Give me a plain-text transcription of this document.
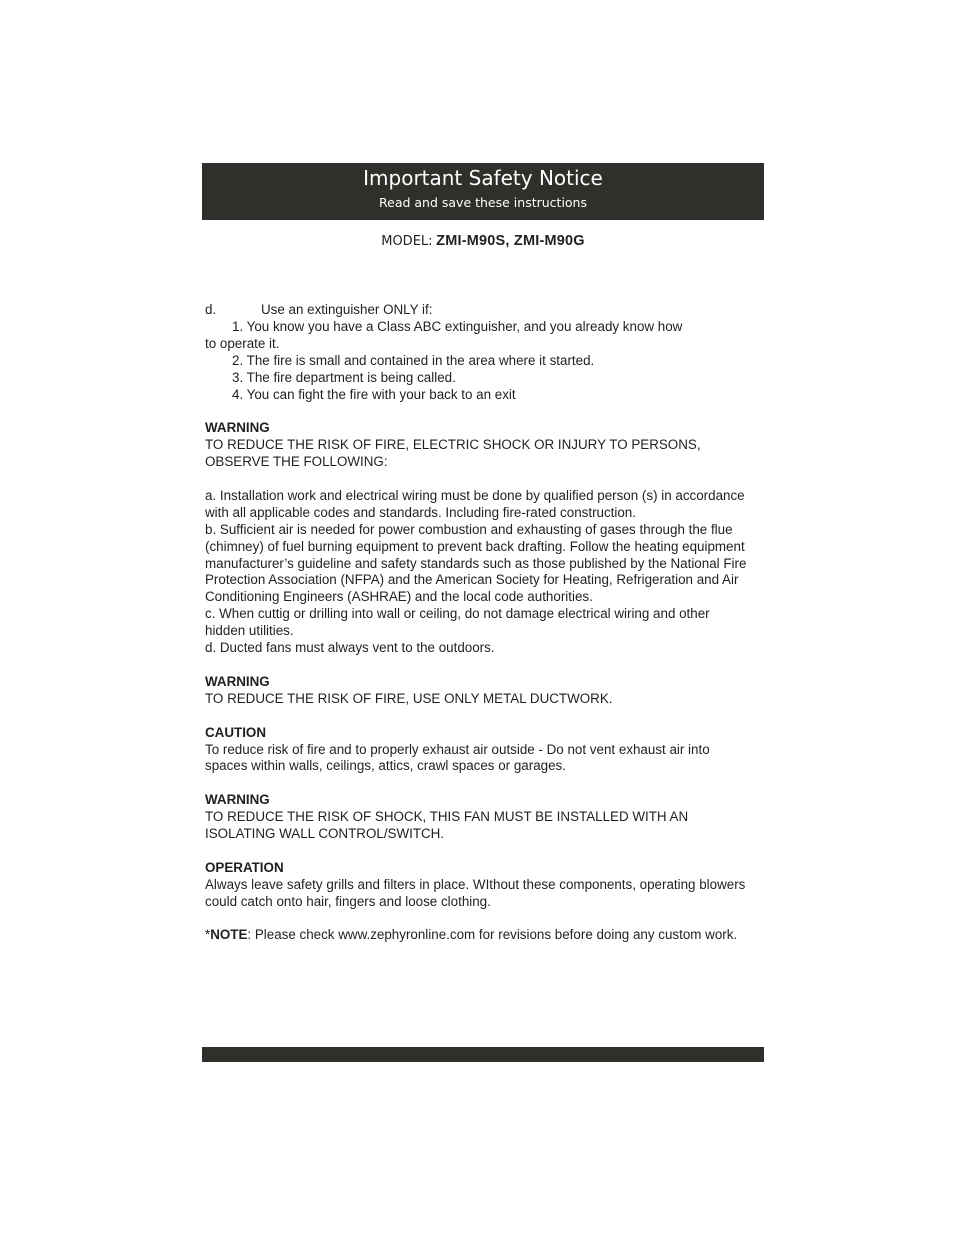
Important Safety Notice
Read and save these instructions
MODEL: ZMI-M90S, ZMI-M90G

d.	Use an extinguisher ONLY if:

1. You know you have a Class ABC extinguisher, and you already know how

to operate it.

2. The fire is small and contained in the area where it started.

3. The fire department is being called.

4. You can fight the fire with your back to an exit

WARNING

TO REDUCE THE RISK OF FIRE, ELECTRIC SHOCK OR INJURY TO PERSONS, OBSERVE THE FOLLOWING:

a. Installation work and electrical wiring must be done by qualified person (s) in accordance with all applicable codes and standards. Including fire-rated construction.

b. Sufficient air is needed for power combustion and exhausting of gases through the flue (chimney) of fuel burning equipment to prevent back drafting. Follow the heating equipment manufacturer’s guideline and safety standards such as those published by the National Fire Protection Association (NFPA) and the American Society for Heating, Refrigeration and Air Conditioning Engineers (ASHRAE) and the local code authorities.

c. When cuttig or drilling into wall or ceiling, do not damage electrical wiring and other hidden utilities.

d. Ducted fans must always vent to the outdoors.

WARNING

TO REDUCE THE RISK OF FIRE, USE ONLY METAL DUCTWORK.

CAUTION

To reduce risk of fire and to properly exhaust air outside - Do not vent exhaust air into spaces within walls, ceilings, attics, crawl spaces or garages.

WARNING

TO REDUCE THE RISK OF SHOCK, THIS FAN MUST BE INSTALLED WITH AN ISOLATING WALL CONTROL/SWITCH.

OPERATION

Always leave safety grills and filters in place. WIthout these components, operating blowers could catch onto hair, fingers and loose clothing.

*NOTE: Please check www.zephyronline.com for revisions before doing any custom work.
